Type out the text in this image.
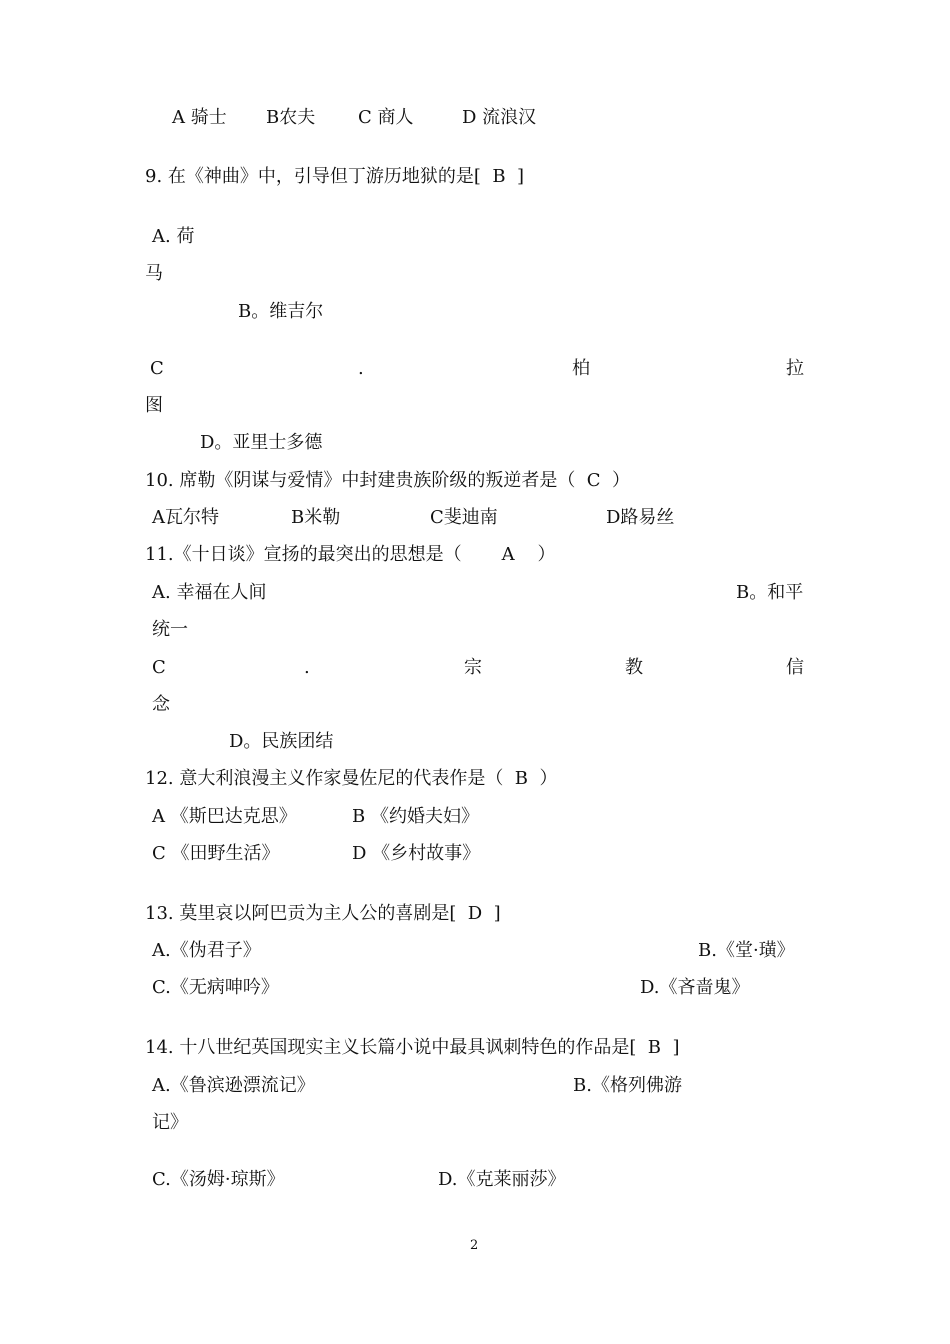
A 骑士 B农夫 C 商人	D 流浪汉
9. 在《神曲》中，引导但丁游历地狱的是[  B  ]
A. 荷
马
B。维吉尔
C	.	柏	拉
图
D。亚里士多德
10. 席勒《阴谋与爱情》中封建贵族阶级的叛逆者是（  C  ）
A瓦尔特	B米勒	C斐迪南	D路易丝
11.《十日谈》宣扬的最突出的思想是（       A    ）
A. 幸福在人间	B。和平
统一
C	.	宗	教	信
念
D。民族团结
12. 意大利浪漫主义作家曼佐尼的代表作是（  B  ）
A 《斯巴达克思》	B 《约婚夫妇》
C 《田野生活》	D 《乡村故事》
13. 莫里哀以阿巴贡为主人公的喜剧是[  D  ]
A.《伪君子》	B.《堂·璜》
C.《无病呻吟》	D.《吝啬鬼》
14. 十八世纪英国现实主义长篇小说中最具讽刺特色的作品是[  B  ]
A.《鲁滨逊漂流记》	B.《格列佛游
记》
C.《汤姆·琼斯》	D.《克莱丽莎》
2
